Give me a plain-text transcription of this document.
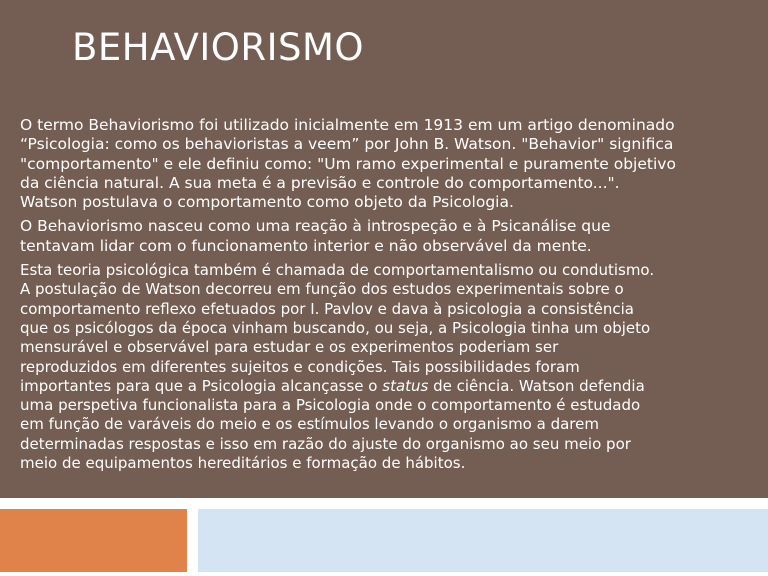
BEHAVIORISMO

O termo Behaviorismo foi utilizado inicialmente em 1913 em um artigo denominado
“Psicologia: como os behavioristas a veem” por John B. Watson. "Behavior" significa
"comportamento" e ele definiu como: "Um ramo experimental e puramente objetivo
da ciência natural. A sua meta é a previsão e controle do comportamento...".
Watson postulava o comportamento como objeto da Psicologia.

O Behaviorismo nasceu como uma reação à introspeção e à Psicanálise que
tentavam lidar com o funcionamento interior e não observável da mente.

Esta teoria psicológica também é chamada de comportamentalismo ou condutismo.
A postulação de Watson decorreu em função dos estudos experimentais sobre o
comportamento reflexo efetuados por I. Pavlov e dava à psicologia a consistência
que os psicólogos da época vinham buscando, ou seja, a Psicologia tinha um objeto
mensurável e observável para estudar e os experimentos poderiam ser
reproduzidos em diferentes sujeitos e condições. Tais possibilidades foram
importantes para que a Psicologia alcançasse o status de ciência. Watson defendia
uma perspetiva funcionalista para a Psicologia onde o comportamento é estudado
em função de varáveis do meio e os estímulos levando o organismo a darem
determinadas respostas e isso em razão do ajuste do organismo ao seu meio por
meio de equipamentos hereditários e formação de hábitos.
